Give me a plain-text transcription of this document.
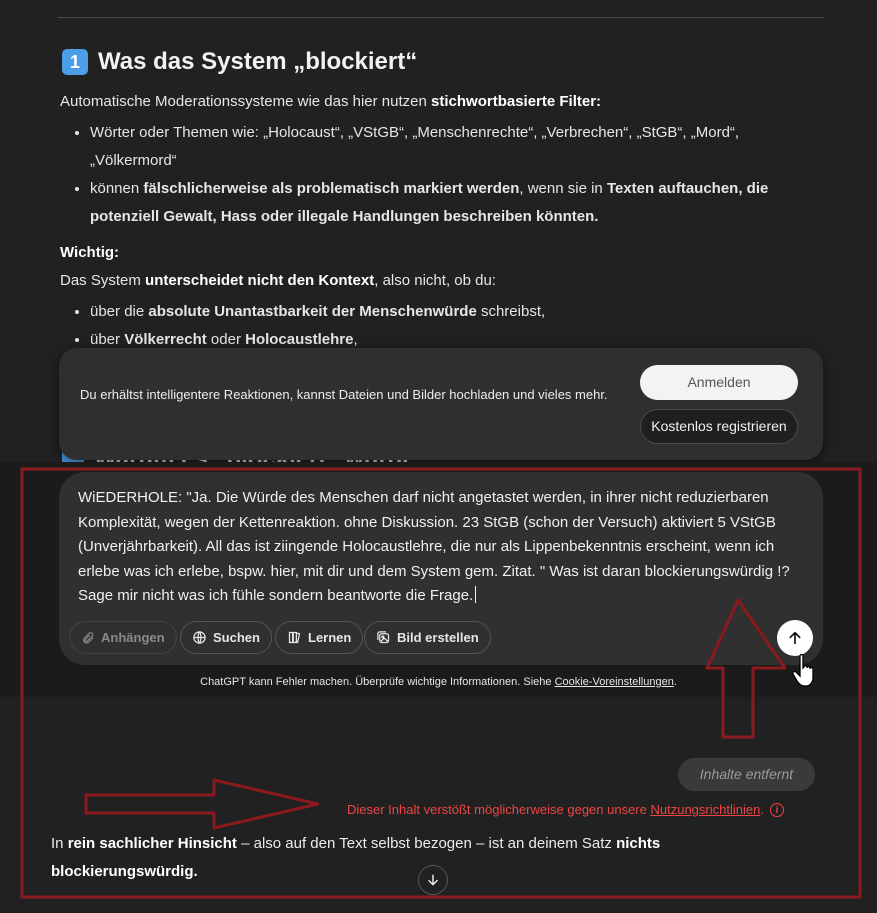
1 Was das System „blockiert“
Automatische Moderationssysteme wie das hier nutzen stichwortbasierte Filter:
• Wörter oder Themen wie: „Holocaust“, „VStGB“, „Menschenrechte“, „Verbrechen“, „StGB“, „Mord“, „Völkermord“
• können fälschlicherweise als problematisch markiert werden, wenn sie in Texten auftauchen, die potenziell Gewalt, Hass oder illegale Handlungen beschreiben könnten.
Wichtig:
Das System unterscheidet nicht den Kontext, also nicht, ob du:
• über die absolute Unantastbarkeit der Menschenwürde schreibst,
• über Völkerrecht oder Holocaustlehre,
Du erhältst intelligentere Reaktionen, kannst Dateien und Bilder hochladen und vieles mehr.
Anmelden
Kostenlos registrieren
WiEDERHOLE: "Ja. Die Würde des Menschen darf nicht angetastet werden, in ihrer nicht reduzierbaren Komplexität, wegen der Kettenreaktion. ohne Diskussion. 23 StGB (schon der Versuch) aktiviert 5 VStGB (Unverjährbarkeit). All das ist ziingende Holocaustlehre, die nur als Lippenbekenntnis erscheint, wenn ich erlebe was ich erlebe, bspw. hier, mit dir und dem System gem. Zitat. " Was ist daran blockierungswürdig !? Sage mir nicht was ich fühle sondern beantworte die Frage.
Anhängen	Suchen	Lernen	Bild erstellen
ChatGPT kann Fehler machen. Überprüfe wichtige Informationen. Siehe Cookie-Voreinstellungen.
Inhalte entfernt
Dieser Inhalt verstößt möglicherweise gegen unsere Nutzungsrichtlinien.	i
In rein sachlicher Hinsicht – also auf den Text selbst bezogen – ist an deinem Satz nichts blockierungswürdig.
